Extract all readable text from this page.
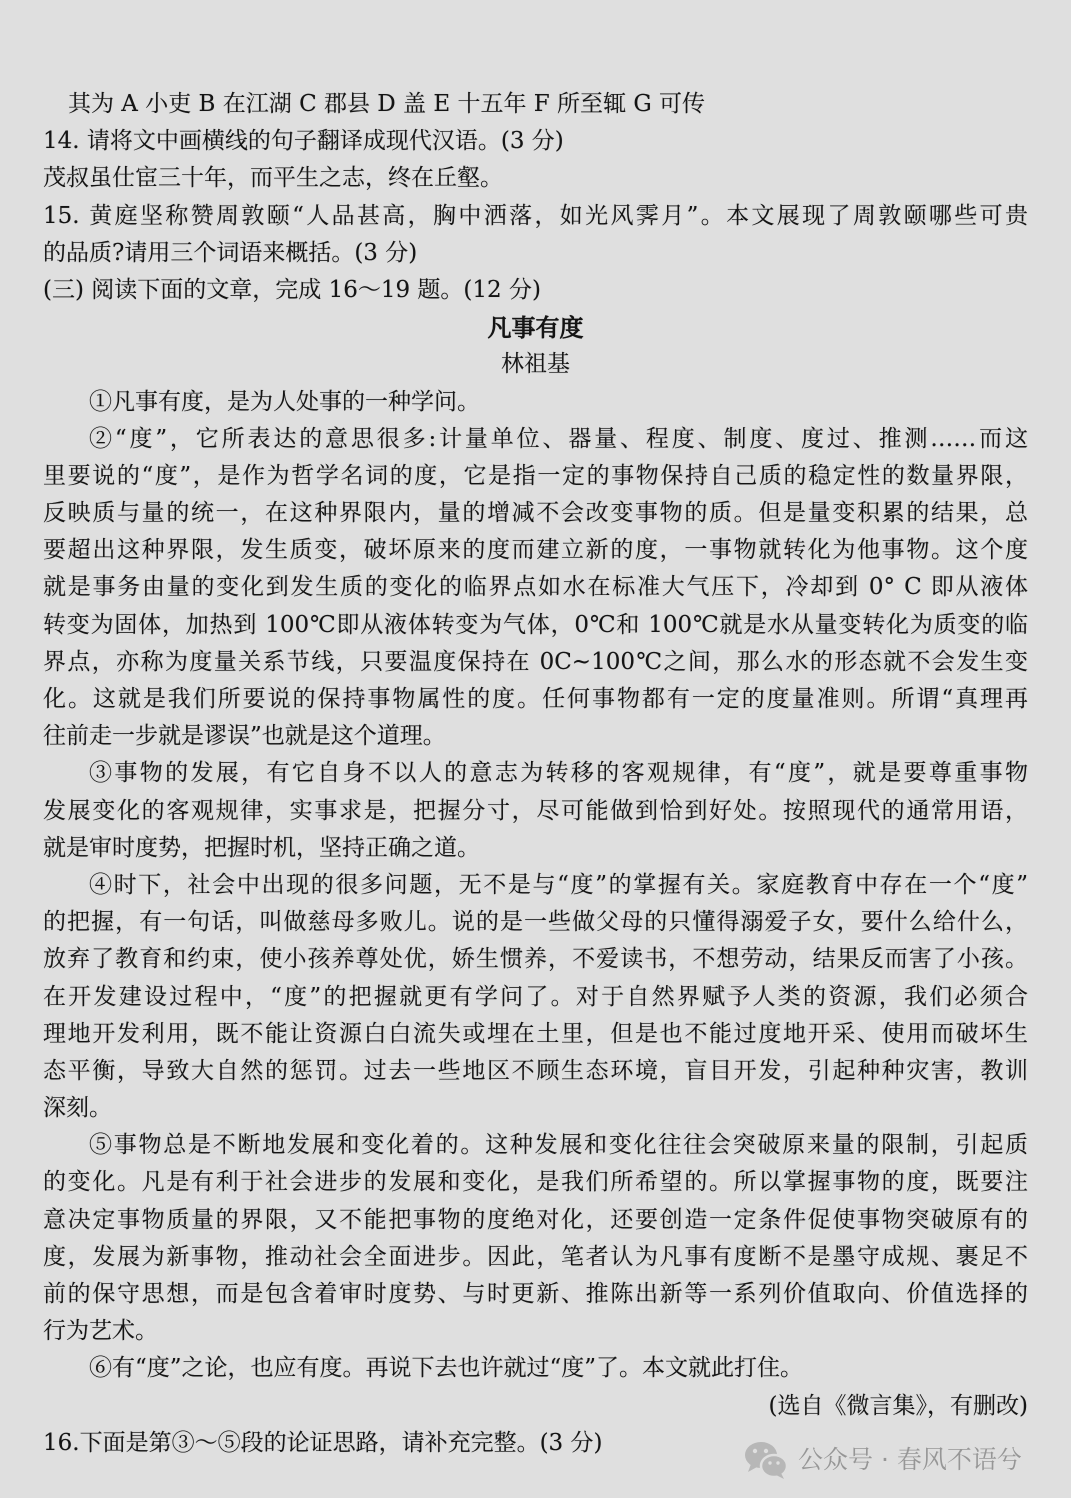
其为 A 小吏 B 在江湖 C 郡县 D 盖 E 十五年 F 所至辄 G 可传
14. 请将文中画横线的句子翻译成现代汉语。(3 分)
茂叔虽仕宦三十年，而平生之志，终在丘壑。
15. 黄庭坚称赞周敦颐“人品甚高，胸中洒落，如光风霁月”。本文展现了周敦颐哪些可贵
的品质?请用三个词语来概括。(3 分)
(三) 阅读下面的文章，完成 16～19 题。(12 分)
凡事有度
林祖基
①凡事有度，是为人处事的一种学问。
②“度”，它所表达的意思很多:计量单位、器量、程度、制度、度过、推测……而这
里要说的“度”，是作为哲学名词的度，它是指一定的事物保持自己质的稳定性的数量界限，
反映质与量的统一，在这种界限内，量的增减不会改变事物的质。但是量变积累的结果，总
要超出这种界限，发生质变，破坏原来的度而建立新的度，一事物就转化为他事物。这个度
就是事务由量的变化到发生质的变化的临界点如水在标准大气压下，冷却到 0° C 即从液体
转变为固体，加热到 100℃即从液体转变为气体，0℃和 100℃就是水从量变转化为质变的临
界点，亦称为度量关系节线，只要温度保持在 0C~100℃之间，那么水的形态就不会发生变
化。这就是我们所要说的保持事物属性的度。任何事物都有一定的度量准则。所谓“真理再
往前走一步就是谬误”也就是这个道理。
③事物的发展，有它自身不以人的意志为转移的客观规律，有“度”，就是要尊重事物
发展变化的客观规律，实事求是，把握分寸，尽可能做到恰到好处。按照现代的通常用语，
就是审时度势，把握时机，坚持正确之道。
④时下，社会中出现的很多问题，无不是与“度”的掌握有关。家庭教育中存在一个“度”
的把握，有一句话，叫做慈母多败儿。说的是一些做父母的只懂得溺爱子女，要什么给什么，
放弃了教育和约束，使小孩养尊处优，娇生惯养，不爱读书，不想劳动，结果反而害了小孩。
在开发建设过程中，“度”的把握就更有学问了。对于自然界赋予人类的资源，我们必须合
理地开发利用，既不能让资源白白流失或埋在土里，但是也不能过度地开采、使用而破坏生
态平衡，导致大自然的惩罚。过去一些地区不顾生态环境，盲目开发，引起种种灾害，教训
深刻。
⑤事物总是不断地发展和变化着的。这种发展和变化往往会突破原来量的限制，引起质
的变化。凡是有利于社会进步的发展和变化，是我们所希望的。所以掌握事物的度，既要注
意决定事物质量的界限，又不能把事物的度绝对化，还要创造一定条件促使事物突破原有的
度，发展为新事物，推动社会全面进步。因此，笔者认为凡事有度断不是墨守成规、裹足不
前的保守思想，而是包含着审时度势、与时更新、推陈出新等一系列价值取向、价值选择的
行为艺术。
⑥有“度”之论，也应有度。再说下去也许就过“度”了。本文就此打住。
(选自《微言集》，有删改)
16.下面是第③～⑤段的论证思路，请补充完整。(3 分)
公众号 · 春风不语兮
